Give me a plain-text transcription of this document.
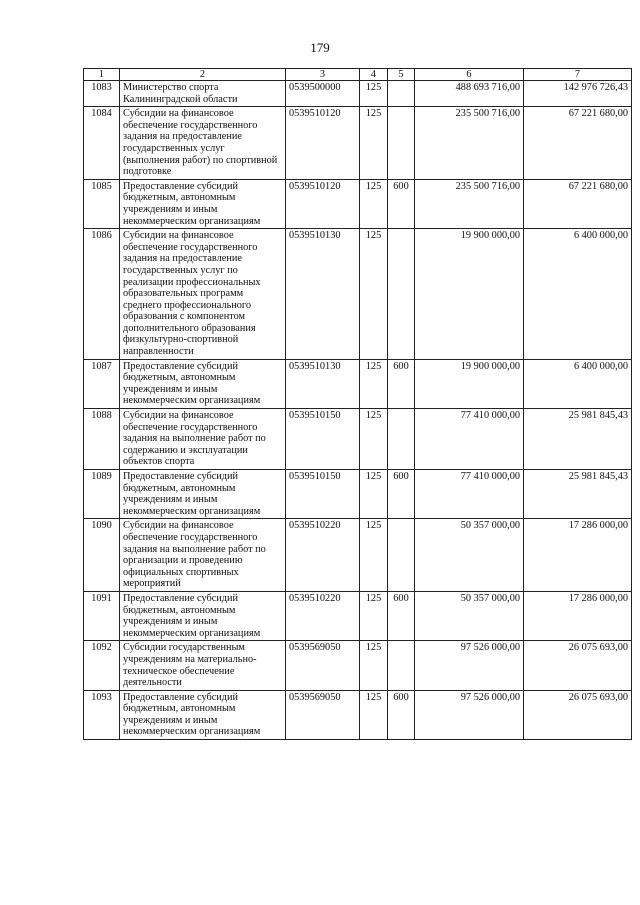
179
1	2	3	4	5	6	7
1083	Министерство спорта Калининградской области	0539500000	125		488 693 716,00	142 976 726,43
1084	Субсидии на финансовое обеспечение государственного задания на предоставление государственных услуг (выполнения работ) по спортивной подготовке	0539510120	125		235 500 716,00	67 221 680,00
1085	Предоставление субсидий бюджетным, автономным учреждениям и иным некоммерческим организациям	0539510120	125	600	235 500 716,00	67 221 680,00
1086	Субсидии на финансовое обеспечение государственного задания на предоставление государственных услуг по реализации профессиональных образовательных программ среднего профессионального образования с компонентом дополнительного образования физкультурно-спортивной направленности	0539510130	125		19 900 000,00	6 400 000,00
1087	Предоставление субсидий бюджетным, автономным учреждениям и иным некоммерческим организациям	0539510130	125	600	19 900 000,00	6 400 000,00
1088	Субсидии на финансовое обеспечение государственного задания на выполнение работ по содержанию и эксплуатации объектов спорта	0539510150	125		77 410 000,00	25 981 845,43
1089	Предоставление субсидий бюджетным, автономным учреждениям и иным некоммерческим организациям	0539510150	125	600	77 410 000,00	25 981 845,43
1090	Субсидии на финансовое обеспечение государственного задания на выполнение работ по организации и проведению официальных спортивных мероприятий	0539510220	125		50 357 000,00	17 286 000,00
1091	Предоставление субсидий бюджетным, автономным учреждениям и иным некоммерческим организациям	0539510220	125	600	50 357 000,00	17 286 000,00
1092	Субсидии государственным учреждениям на материально-техническое обеспечение деятельности	0539569050	125		97 526 000,00	26 075 693,00
1093	Предоставление субсидий бюджетным, автономным учреждениям и иным некоммерческим организациям	0539569050	125	600	97 526 000,00	26 075 693,00
